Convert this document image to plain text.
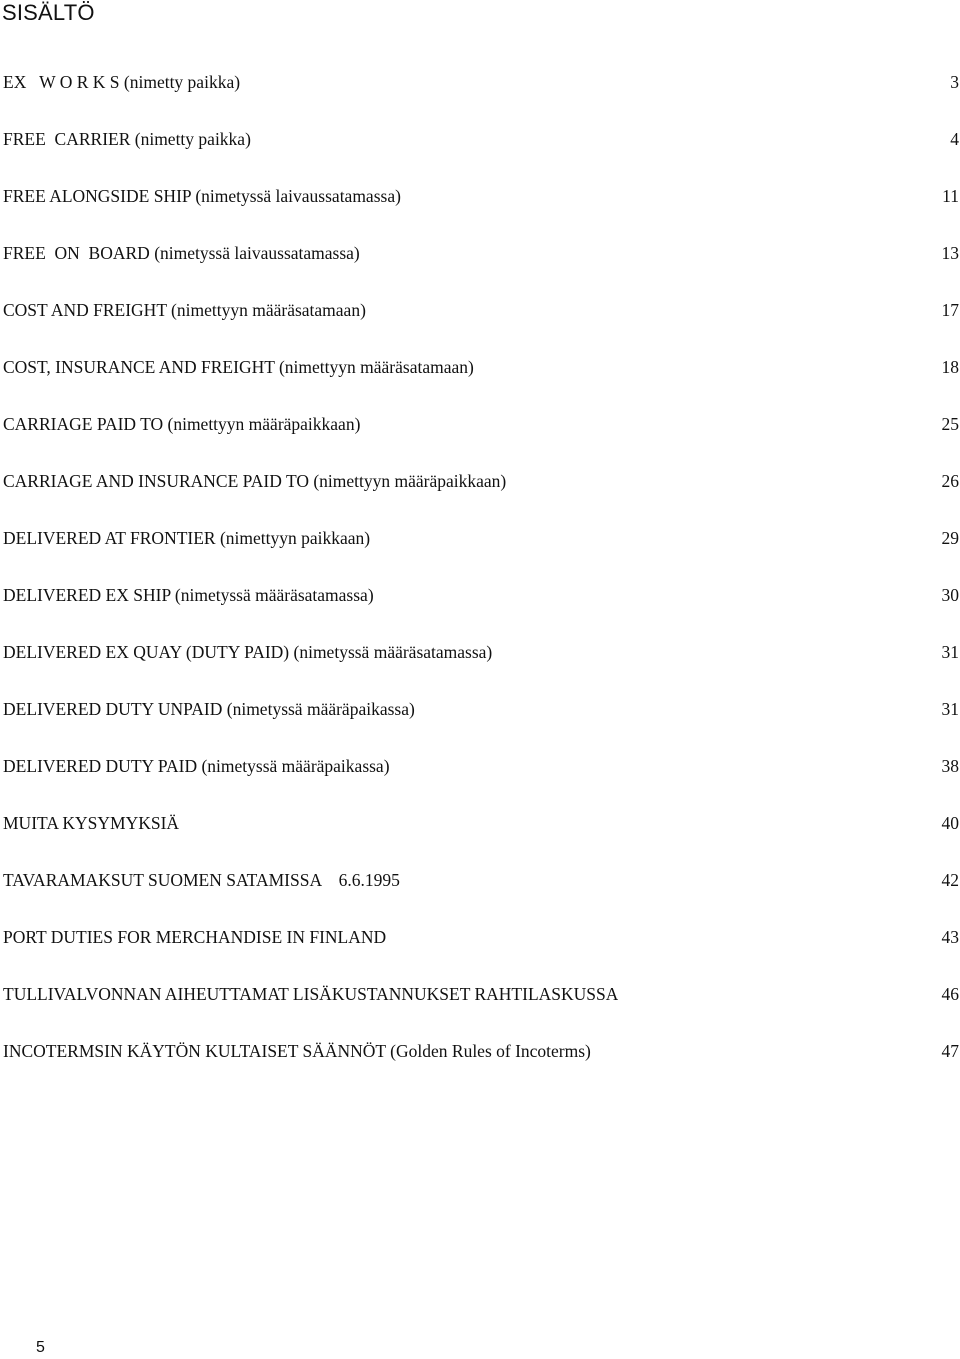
SISÄLTÖ
EX   W O R K S (nimetty paikka)	3
FREE  CARRIER (nimetty paikka)	4
FREE ALONGSIDE SHIP (nimetyssä laivaussatamassa)	11
FREE  ON  BOARD (nimetyssä laivaussatamassa)	13
COST AND FREIGHT (nimettyyn määräsatamaan)	17
COST, INSURANCE AND FREIGHT (nimettyyn määräsatamaan)	18
CARRIAGE PAID TO (nimettyyn määräpaikkaan)	25
CARRIAGE AND INSURANCE PAID TO (nimettyyn määräpaikkaan)	26
DELIVERED AT FRONTIER (nimettyyn paikkaan)	29
DELIVERED EX SHIP (nimetyssä määräsatamassa)	30
DELIVERED EX QUAY (DUTY PAID) (nimetyssä määräsatamassa)	31
DELIVERED DUTY UNPAID (nimetyssä määräpaikassa)	31
DELIVERED DUTY PAID (nimetyssä määräpaikassa)	38
MUITA KYSYMYKSIÄ	40
TAVARAMAKSUT SUOMEN SATAMISSA    6.6.1995	42
PORT DUTIES FOR MERCHANDISE IN FINLAND	43
TULLIVALVONNAN AIHEUTTAMAT LISÄKUSTANNUKSET RAHTILASKUSSA	46
INCOTERMSIN KÄYTÖN KULTAISET SÄÄNNÖT (Golden Rules of Incoterms)	47
5
